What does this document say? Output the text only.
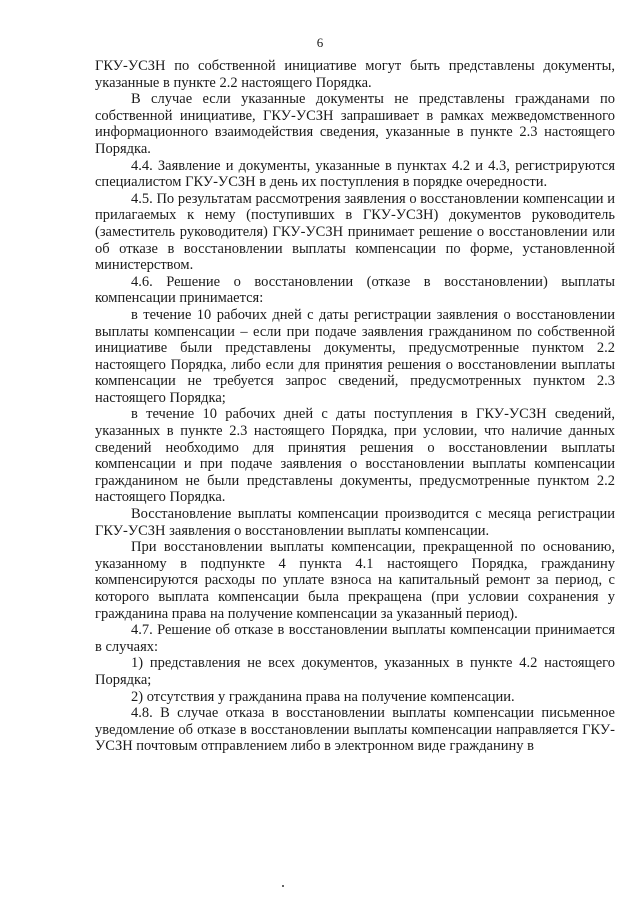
6

ГКУ-УСЗН по собственной инициативе могут быть представлены документы, указанные в пункте 2.2 настоящего Порядка.

В случае если указанные документы не представлены гражданами по собственной инициативе, ГКУ-УСЗН запрашивает в рамках межведомственного информационного взаимодействия сведения, указанные в пункте 2.3 настоящего Порядка.

4.4. Заявление и документы, указанные в пунктах 4.2 и 4.3, регистрируются специалистом ГКУ-УСЗН в день их поступления в порядке очередности.

4.5. По результатам рассмотрения заявления о восстановлении компенсации и прилагаемых к нему (поступивших в ГКУ-УСЗН) документов руководитель (заместитель руководителя) ГКУ-УСЗН принимает решение о восстановлении или об отказе в восстановлении выплаты компенсации по форме, установленной министерством.

4.6. Решение о восстановлении (отказе в восстановлении) выплаты компенсации принимается:

в течение 10 рабочих дней с даты регистрации заявления о восстановлении выплаты компенсации – если при подаче заявления гражданином по собственной инициативе были представлены документы, предусмотренные пунктом 2.2 настоящего Порядка, либо если для принятия решения о восстановлении выплаты компенсации не требуется запрос сведений, предусмотренных пунктом 2.3 настоящего Порядка;

в течение 10 рабочих дней с даты поступления в ГКУ-УСЗН сведений, указанных в пункте 2.3 настоящего Порядка, при условии, что наличие данных сведений необходимо для принятия решения о восстановлении выплаты компенсации и при подаче заявления о восстановлении выплаты компенсации гражданином не были представлены документы, предусмотренные пунктом 2.2 настоящего Порядка.

Восстановление выплаты компенсации производится с месяца регистрации ГКУ-УСЗН заявления о восстановлении выплаты компенсации.

При восстановлении выплаты компенсации, прекращенной по основанию, указанному в подпункте 4 пункта 4.1 настоящего Порядка, гражданину компенсируются расходы по уплате взноса на капитальный ремонт за период, с которого выплата компенсации была прекращена (при условии сохранения у гражданина права на получение компенсации за указанный период).

4.7. Решение об отказе в восстановлении выплаты компенсации принимается в случаях:

1) представления не всех документов, указанных в пункте 4.2 настоящего Порядка;

2) отсутствия у гражданина права на получение компенсации.

4.8. В случае отказа в восстановлении выплаты компенсации письменное уведомление об отказе в восстановлении выплаты компенсации направляется ГКУ-УСЗН почтовым отправлением либо в электронном виде гражданину в
